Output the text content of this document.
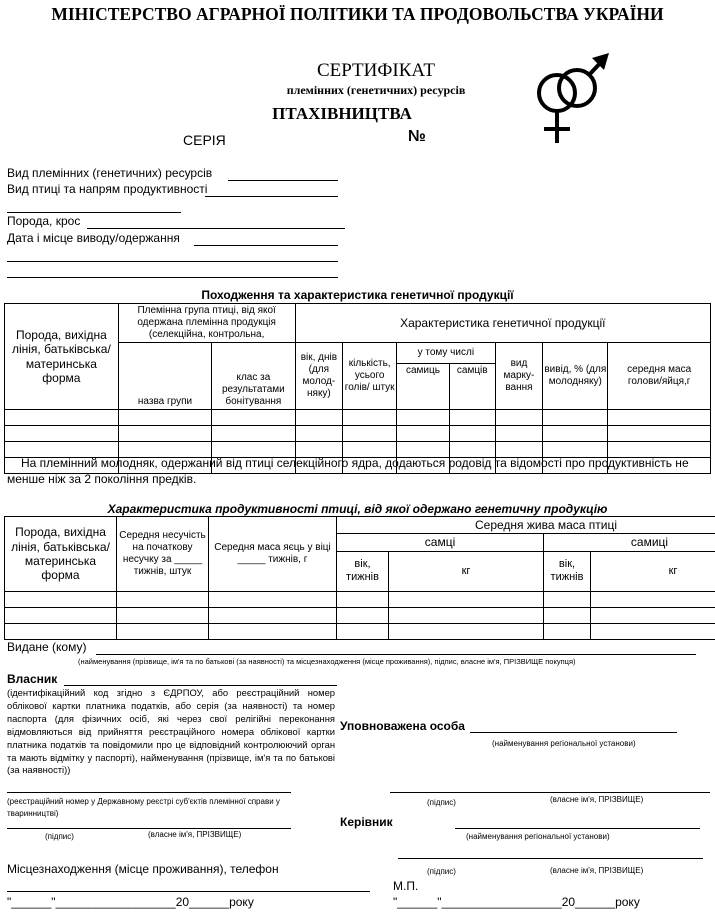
МІНІСТЕРСТВО АГРАРНОЇ ПОЛІТИКИ ТА ПРОДОВОЛЬСТВА УКРАЇНИ
СЕРТИФІКАТ
племінних (генетичних) ресурсів
ПТАХІВНИЦТВА
СЕРІЯ	№
Вид племінних (генетичних) ресурсів
Вид птиці та напрям продуктивності
Порода, крос
Дата і місце виводу/одержання
Походження та характеристика генетичної продукції
Порода, вихідна лінія, батьківська/ материнська форма	Племінна група птиці, від якої одержана племінна продукція (селекційна, контрольна,		Характеристика генетичної продукції						
	назва групи	клас за результатами бонітування	вік, днів (для молод-няку)	кількість, усього голів/ штук	у тому числі		вид марку-вання	вивід, % (для молодняку)	середня маса голови/яйця,г
					самиць	самців			

На племінний молодняк, одержаний від птиці селекційного ядра, додаються родовід та відомості про продуктивність не менше ніж за 2 покоління предків.
Характеристика продуктивності птиці, від якої одержано генетичну продукцію
Порода, вихідна лінія, батьківська/ материнська форма	Середня несучість на початкову несучку за _____ тижнів, штук	Середня маса яєць у віці _____ тижнів, г	Середня жива маса птиці			
			самці		самиці	
			вік, тижнів	кг	вік, тижнів	кг

Видане (кому)
(найменування (прізвище, ім'я та по батькові (за наявності) та місцезнаходження (місце проживання), підпис, власне ім'я, ПРІЗВИЩЕ покупця)
Власник
(ідентифікаційний код згідно з ЄДРПОУ, або реєстраційний номер облікової картки платника податків, або серія (за наявності) та номер паспорта (для фізичних осіб, які через свої релігійні переконання відмовляються від прийняття реєстраційного номера облікової картки платника податків та повідомили про це відповідний контролюючий орган та мають відмітку у паспорті), найменування (прізвище, ім'я та по батькові (за наявності))
(реєстраційний номер у Державному реєстрі суб'єктів племінної справи у тваринництві)
(підпис)	(власне ім'я, ПРІЗВИЩЕ)
Уповноважена особа
(найменування регіональної установи)
(підпис)	(власне ім'я, ПРІЗВИЩЕ)
Керівник
(найменування регіональної установи)
(підпис)	(власне ім'я, ПРІЗВИЩЕ)
Місцезнаходження (місце проживання), телефон
М.П.
"______"__________________20______року	"______"__________________20______року
